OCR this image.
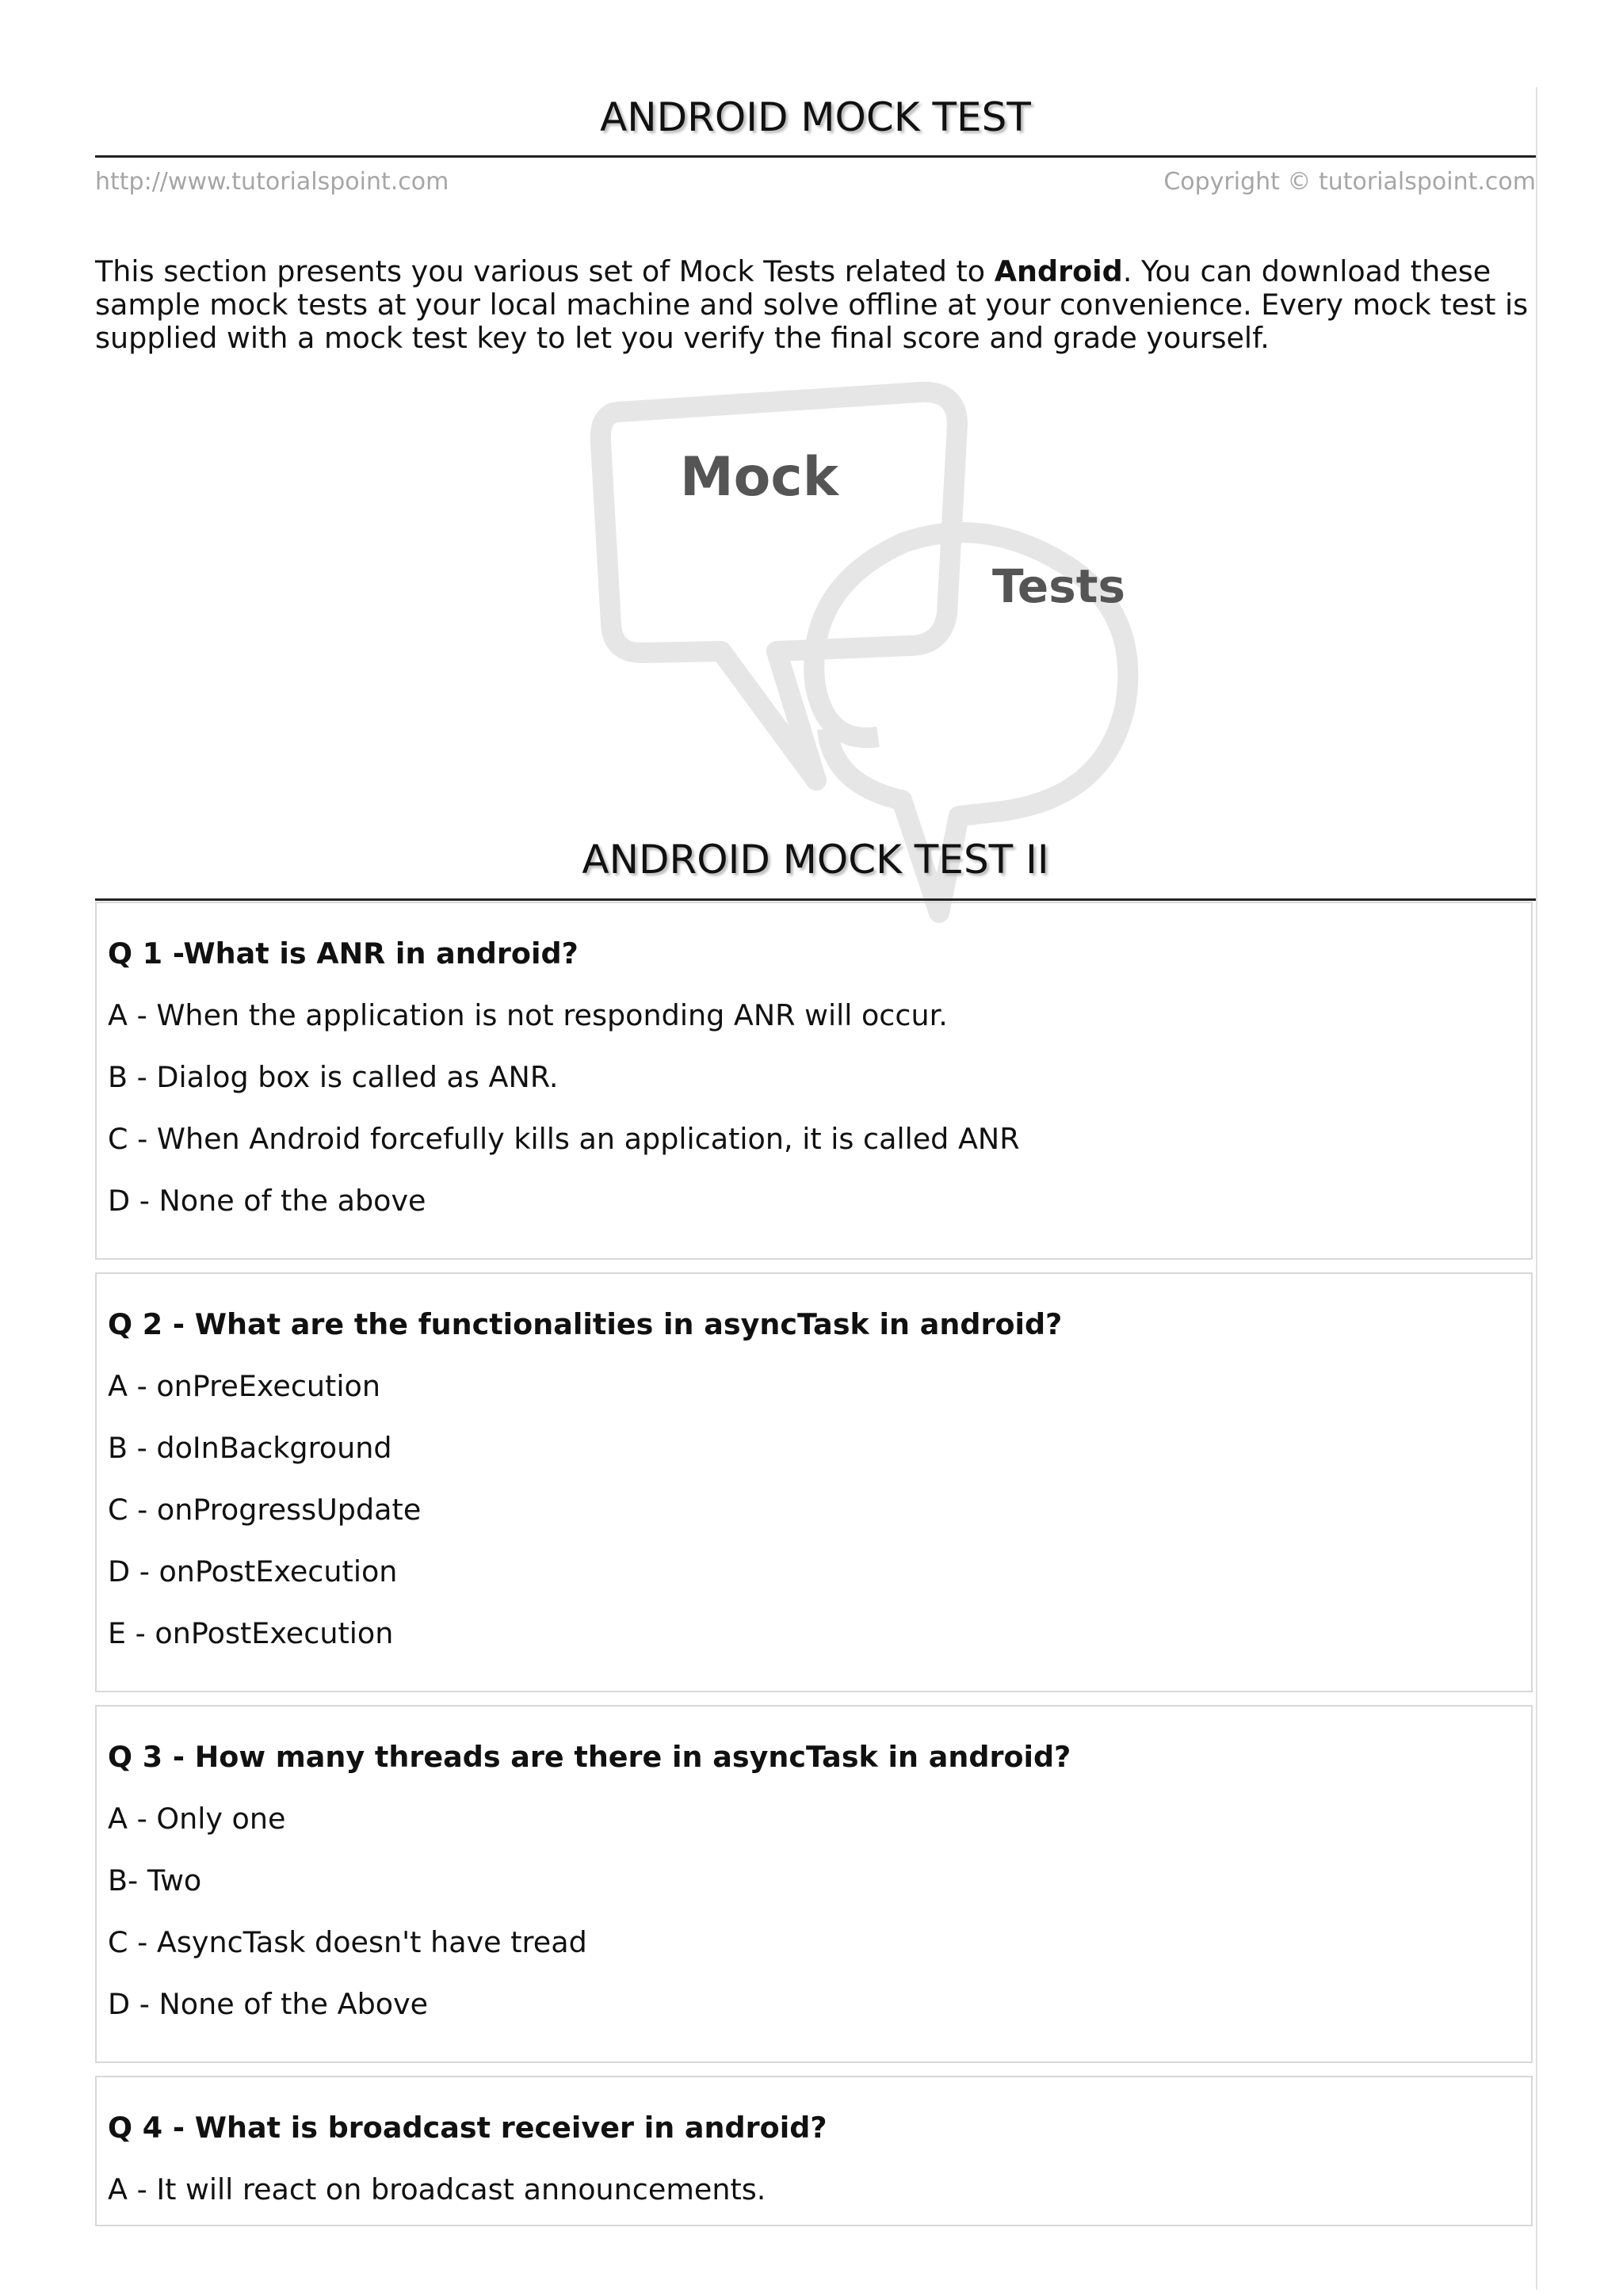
ANDROID MOCK TEST
http://www.tutorialspoint.com	Copyright © tutorialspoint.com

This section presents you various set of Mock Tests related to Android. You can download these sample mock tests at your local machine and solve offline at your convenience. Every mock test is supplied with a mock test key to let you verify the final score and grade yourself.

Mock
Tests
ANDROID MOCK TEST II
Q 1 -What is ANR in android?
A - When the application is not responding ANR will occur.
B - Dialog box is called as ANR.
C - When Android forcefully kills an application, it is called ANR
D - None of the above
Q 2 - What are the functionalities in asyncTask in android?
A - onPreExecution
B - doInBackground
C - onProgressUpdate
D - onPostExecution
E - onPostExecution
Q 3 - How many threads are there in asyncTask in android?
A - Only one
B- Two
C - AsyncTask doesn't have tread
D - None of the Above
Q 4 - What is broadcast receiver in android?
A - It will react on broadcast announcements.
